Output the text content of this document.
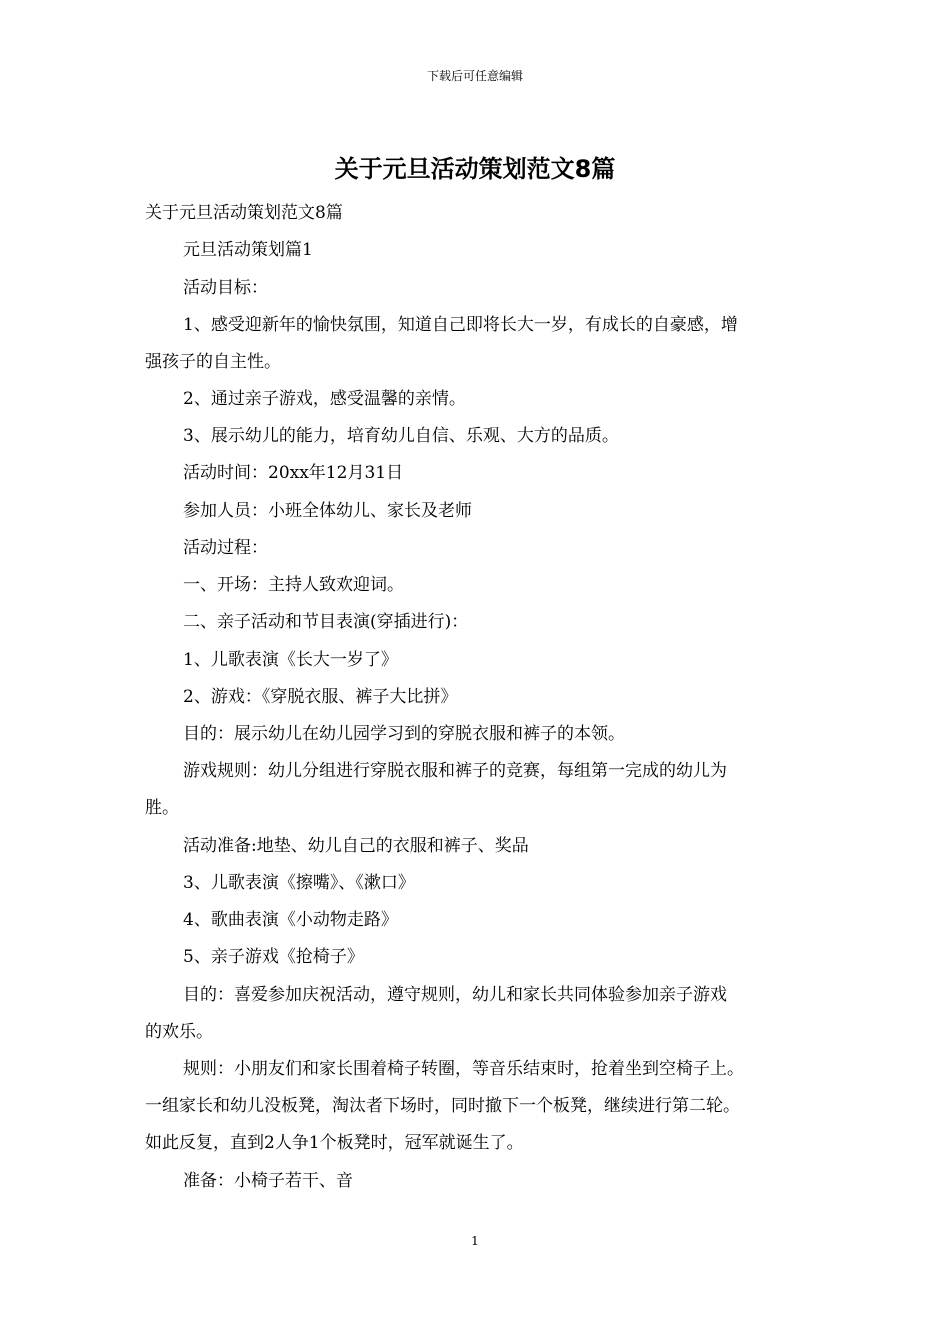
下载后可任意编辑
关于元旦活动策划范文8篇
关于元旦活动策划范文8篇
元旦活动策划篇1
活动目标：
1、感受迎新年的愉快氛围，知道自己即将长大一岁，有成长的自豪感，增
强孩子的自主性。
2、通过亲子游戏，感受温馨的亲情。
3、展示幼儿的能力，培育幼儿自信、乐观、大方的品质。
活动时间：20xx年12月31日
参加人员：小班全体幼儿、家长及老师
活动过程：
一、开场：主持人致欢迎词。
二、亲子活动和节目表演(穿插进行)：
1、儿歌表演《长大一岁了》
2、游戏：《穿脱衣服、裤子大比拼》
目的：展示幼儿在幼儿园学习到的穿脱衣服和裤子的本领。
游戏规则：幼儿分组进行穿脱衣服和裤子的竞赛，每组第一完成的幼儿为
胜。
活动准备:地垫、幼儿自己的衣服和裤子、奖品
3、儿歌表演《擦嘴》、《漱口》
4、歌曲表演《小动物走路》
5、亲子游戏《抢椅子》
目的：喜爱参加庆祝活动，遵守规则，幼儿和家长共同体验参加亲子游戏
的欢乐。
规则：小朋友们和家长围着椅子转圈，等音乐结束时，抢着坐到空椅子上。
一组家长和幼儿没板凳，淘汰者下场时，同时撤下一个板凳，继续进行第二轮。
如此反复，直到2人争1个板凳时，冠军就诞生了。
准备：小椅子若干、音
1
